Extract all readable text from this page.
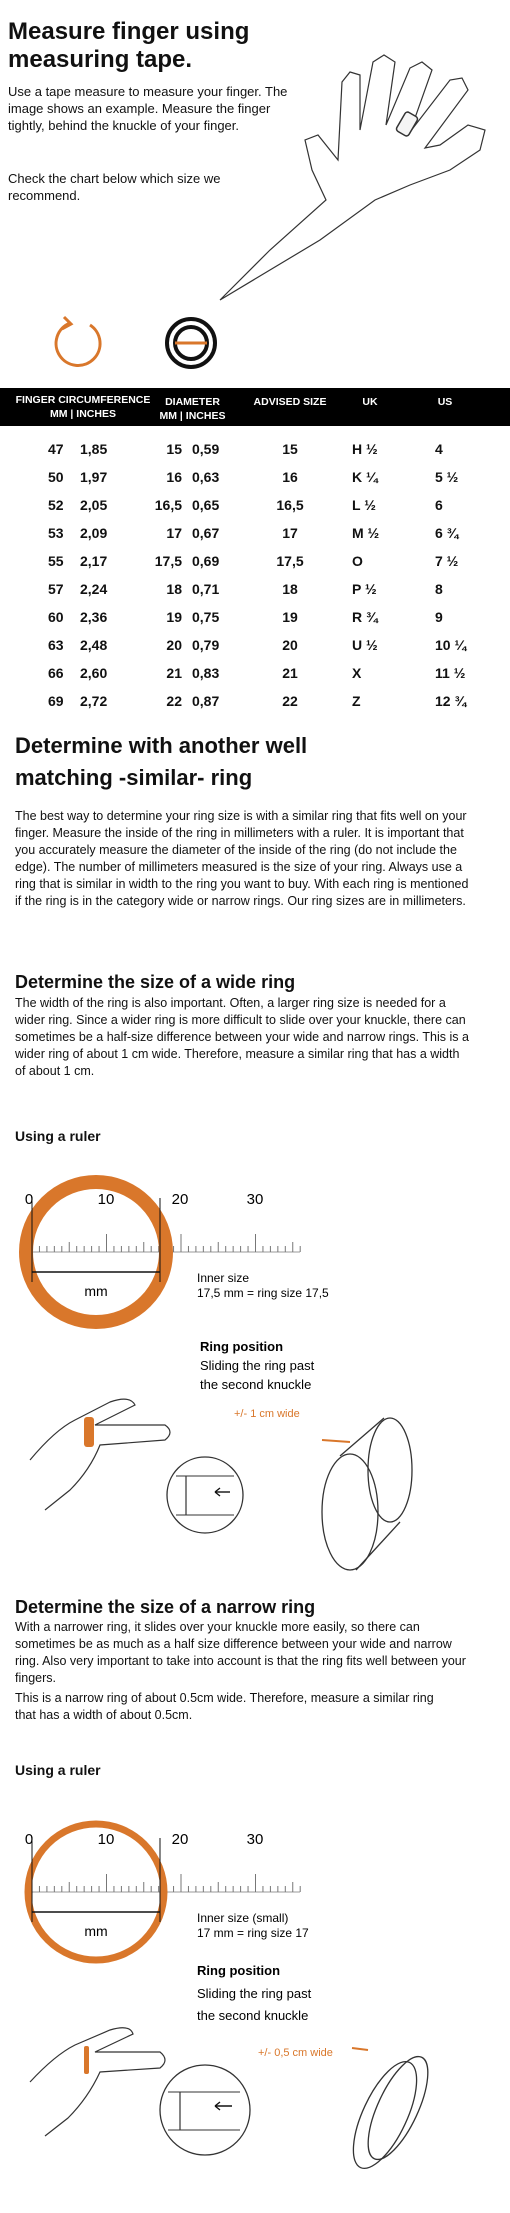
Measure finger using measuring tape.
Use a tape measure to measure your finger. The image shows an example. Measure the finger tightly, behind the knuckle of your finger.
Check the chart below which size we recommend.
FINGER CIRCUMFERENCE
MM | INCHES
DIAMETER
MM | INCHES
ADVISED SIZE	UK	US
47 1,85	15 0,59	15	H ½	4
50 1,97	16 0,63	16	K ¼	5 ½
52 2,05	16,5 0,65	16,5	L ½	6
53 2,09	17 0,67	17	M ½	6 ¾
55 2,17	17,5 0,69	17,5	O	7 ½
57 2,24	18 0,71	18	P ½	8
60 2,36	19 0,75	19	R ¾	9
63 2,48	20 0,79	20	U ½	10 ¼
66 2,60	21 0,83	21	X	11 ½
69 2,72	22 0,87	22	Z	12 ¾
Determine with another well
matching -similar- ring
The best way to determine your ring size is with a similar ring that fits well on your finger. Measure the inside of the ring in millimeters with a ruler. It is important that you accurately measure the diameter of the inside of the ring (do not include the edge). The number of millimeters measured is the size of your ring. Always use a ring that is similar in width to the ring you want to buy. With each ring is mentioned if the ring is in the category wide or narrow rings. Our ring sizes are in millimeters.
Determine the size of a wide ring
The width of the ring is also important. Often, a larger ring size is needed for a wider ring. Since a wider ring is more difficult to slide over your knuckle, there can sometimes be a half-size difference between your wide and narrow rings. This is a wider ring of about 1 cm wide. Therefore, measure a similar ring that has a width of about 1 cm.
Using a ruler
0	10	20	30
mm
Inner size
17,5 mm = ring size 17,5
Ring position
Sliding the ring past
the second knuckle
+/- 1 cm wide
Determine the size of a narrow ring
With a narrower ring, it slides over your knuckle more easily, so there can sometimes be as much as a half size difference between your wide and narrow ring. Also very important to take into account is that the ring fits well between your fingers.
This is a narrow ring of about 0.5cm wide. Therefore, measure a similar ring that has a width of about 0.5cm.
Using a ruler
0	10	20	30
mm
Inner size (small)
17 mm = ring size 17
Ring position
Sliding the ring past
the second knuckle
+/- 0,5 cm wide
